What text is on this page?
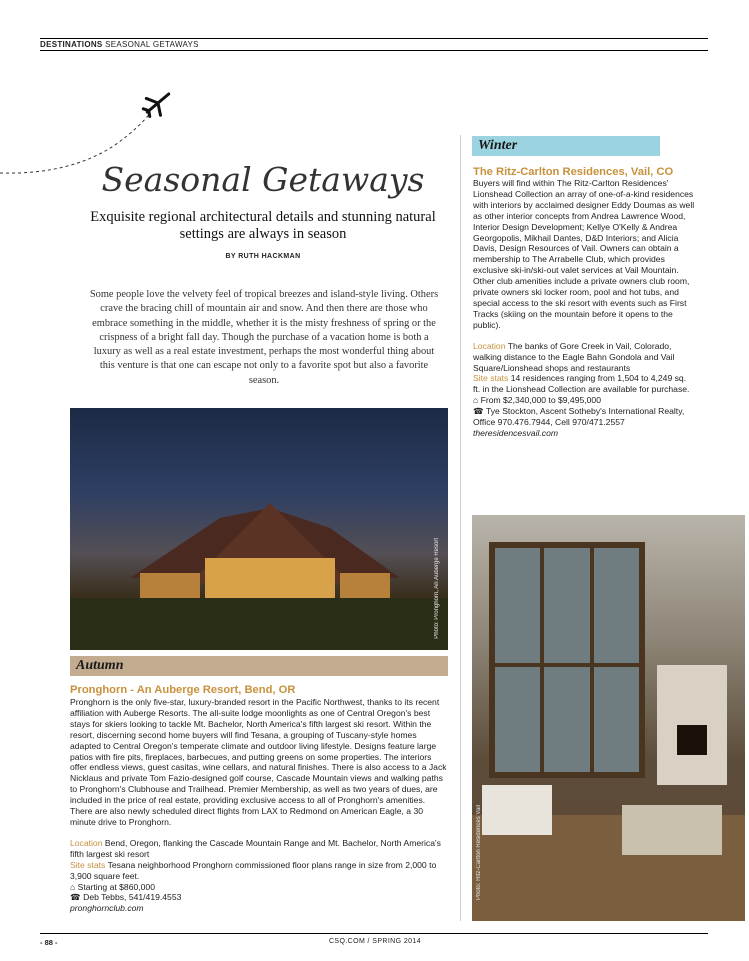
DESTINATIONS SEASONAL GETAWAYS
Seasonal Getaways
Exquisite regional architectural details and stunning natural settings are always in season
BY RUTH HACKMAN
Some people love the velvety feel of tropical breezes and island-style living. Others crave the bracing chill of mountain air and snow. And then there are those who embrace something in the middle, whether it is the misty freshness of spring or the crispness of a bright fall day. Though the purchase of a vacation home is both a luxury as well as a real estate investment, perhaps the most wonderful thing about this venture is that one can escape not only to a favorite spot but also a favorite season.
Photo: Pronghorn, An Auberge Resort
Autumn
Pronghorn - An Auberge Resort, Bend, OR
Pronghorn is the only five-star, luxury-branded resort in the Pacific Northwest, thanks to its recent affiliation with Auberge Resorts. The all-suite lodge moonlights as one of Central Oregon's best stays for skiers looking to tackle Mt. Bachelor, North America's fifth largest ski resort. Within the resort, discerning second home buyers will find Tesana, a grouping of Tuscany-style homes adapted to Central Oregon's temperate climate and outdoor living lifestyle. Designs feature large patios with fire pits, fireplaces, barbecues, and putting greens on some properties. The interiors offer endless views, guest casitas, wine cellars, and natural finishes. There is also access to a Jack Nicklaus and private Tom Fazio-designed golf course, Cascade Mountain views and walking paths to Pronghorn's Clubhouse and Trailhead. Premier Membership, as well as two years of dues, are included in the price of real estate, providing exclusive access to all of Pronghorn's amenities. There are also newly scheduled direct flights from LAX to Redmond on American Eagle, a 30 minute drive to Pronghorn.
Location Bend, Oregon, flanking the Cascade Mountain Range and Mt. Bachelor, North America's fifth largest ski resort
Site stats Tesana neighborhood Pronghorn commissioned floor plans range in size from 2,000 to 3,900 square feet.
⌂ Starting at $860,000
☎ Deb Tebbs, 541/419.4553
pronghornclub.com
Winter
The Ritz-Carlton Residences, Vail, CO
Buyers will find within The Ritz-Carlton Residences' Lionshead Collection an array of one-of-a-kind residences with interiors by acclaimed designer Eddy Doumas as well as other interior concepts from Andrea Lawrence Wood, Interior Design Development; Kellye O'Kelly & Andrea Georgopolis, Mikhail Dantes, D&D Interiors; and Alicia Davis, Design Resources of Vail. Owners can obtain a membership to The Arrabelle Club, which provides exclusive ski-in/ski-out valet services at Vail Mountain. Other club amenities include a private owners club room, private owners ski locker room, pool and hot tubs, and special access to the ski resort with events such as First Tracks (skiing on the mountain before it opens to the public).
Location The banks of Gore Creek in Vail, Colorado, walking distance to the Eagle Bahn Gondola and Vail Square/Lionshead shops and restaurants
Site stats 14 residences ranging from 1,504 to 4,249 sq. ft. in the Lionshead Collection are available for purchase.
⌂ From $2,340,000 to $9,495,000
☎ Tye Stockton, Ascent Sotheby's International Realty, Office 970.476.7944, Cell 970/471.2557
theresidencesvail.com
Photo: Ritz-Carlton Residences Vail
- 88 -	CSQ.COM / SPRING 2014
